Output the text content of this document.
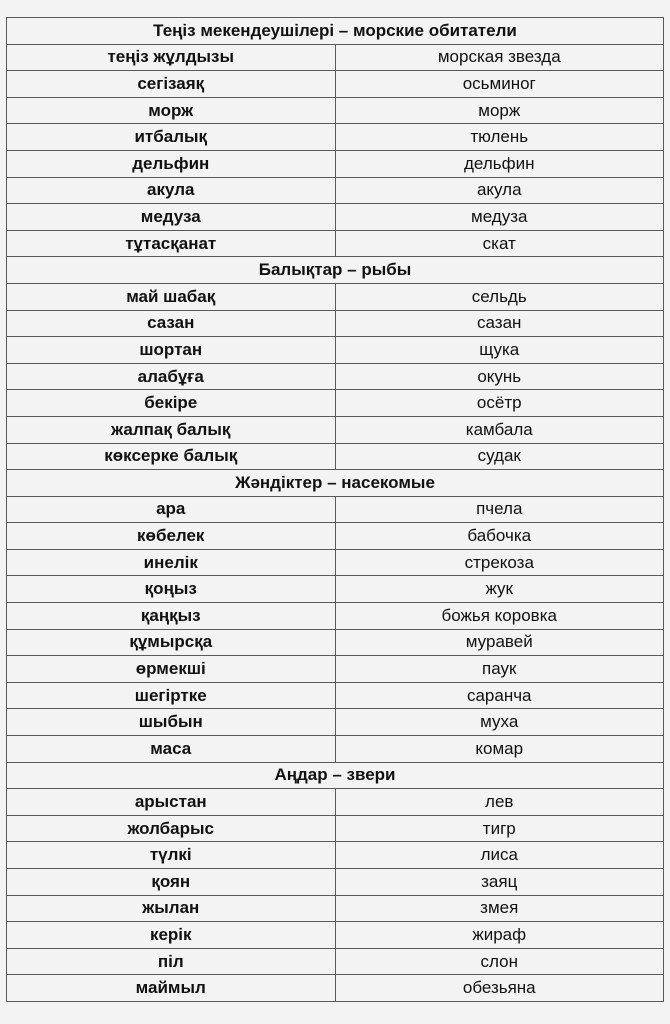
Теңіз мекендеушілері – морские обитатели	
теңіз жұлдызы	морская звезда
сегізаяқ	осьминог
морж	морж
итбалық	тюлень
дельфин	дельфин
акула	акула
медуза	медуза
тұтасқанат	скат
Балықтар – рыбы	
май шабақ	сельдь
сазан	сазан
шортан	щука
алабұға	окунь
бекіре	осётр
жалпақ балық	камбала
көксерке балық	судак
Жәндіктер – насекомые	
ара	пчела
көбелек	бабочка
инелік	стрекоза
қоңыз	жук
қаңқыз	божья коровка
құмырсқа	муравей
өрмекші	паук
шегіртке	саранча
шыбын	муха
маса	комар
Аңдар – звери	
арыстан	лев
жолбарыс	тигр
түлкі	лиса
қоян	заяц
жылан	змея
керік	жираф
піл	слон
маймыл	обезьяна
